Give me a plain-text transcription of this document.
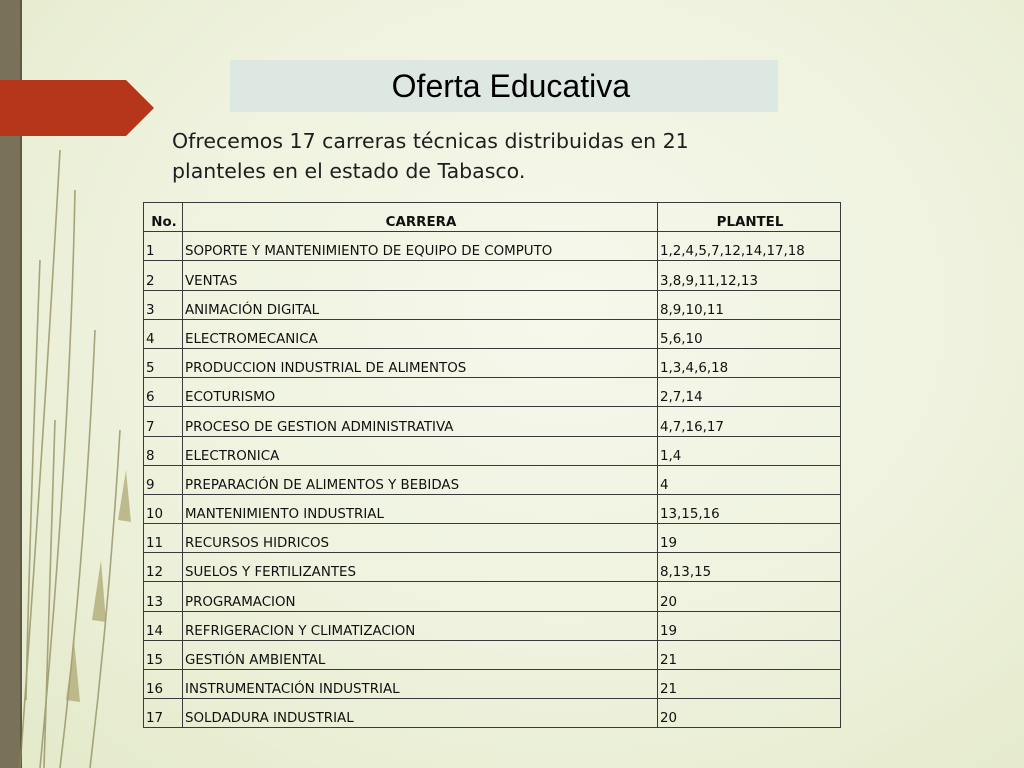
Oferta Educativa
Ofrecemos 17 carreras técnicas distribuidas en 21
planteles en el estado de Tabasco.
No.	CARRERA	PLANTEL
1	SOPORTE Y MANTENIMIENTO DE EQUIPO DE COMPUTO	1,2,4,5,7,12,14,17,18
2	VENTAS	3,8,9,11,12,13
3	ANIMACIÓN DIGITAL	8,9,10,11
4	ELECTROMECANICA	5,6,10
5	PRODUCCION INDUSTRIAL DE ALIMENTOS	1,3,4,6,18
6	ECOTURISMO	2,7,14
7	PROCESO DE GESTION ADMINISTRATIVA	4,7,16,17
8	ELECTRONICA	1,4
9	PREPARACIÓN DE ALIMENTOS Y BEBIDAS	4
10	MANTENIMIENTO INDUSTRIAL	13,15,16
11	RECURSOS HIDRICOS	19
12	SUELOS Y FERTILIZANTES	8,13,15
13	PROGRAMACION	20
14	REFRIGERACION Y CLIMATIZACION	19
15	GESTIÓN AMBIENTAL	21
16	INSTRUMENTACIÓN INDUSTRIAL	21
17	SOLDADURA INDUSTRIAL	20
